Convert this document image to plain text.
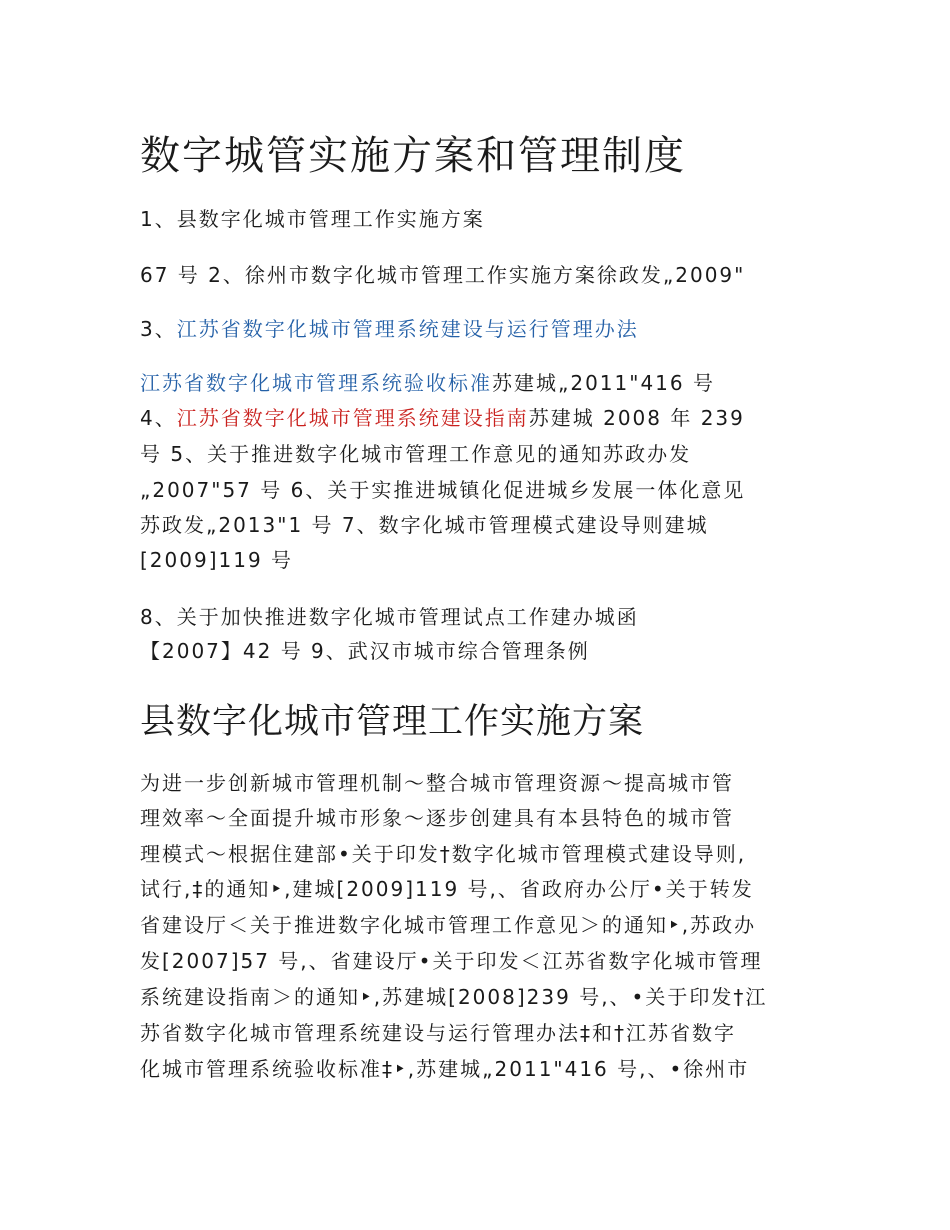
数字城管实施方案和管理制度
1、县数字化城市管理工作实施方案
67 号 2、徐州市数字化城市管理工作实施方案徐政发„2009"
3、江苏省数字化城市管理系统建设与运行管理办法
江苏省数字化城市管理系统验收标准苏建城„2011"416 号
4、江苏省数字化城市管理系统建设指南苏建城 2008 年 239
号 5、关于推进数字化城市管理工作意见的通知苏政办发
„2007"57 号 6、关于实推进城镇化促进城乡发展一体化意见
苏政发„2013"1 号 7、数字化城市管理模式建设导则建城
[2009]119 号
8、关于加快推进数字化城市管理试点工作建办城函
【2007】42 号 9、武汉市城市综合管理条例
县数字化城市管理工作实施方案
为进一步创新城市管理机制～整合城市管理资源～提高城市管
理效率～全面提升城市形象～逐步创建具有本县特色的城市管
理模式～根据住建部•关于印发†数字化城市管理模式建设导则,
试行,‡的通知‣,建城[2009]119 号,、省政府办公厅•关于转发
省建设厅＜关于推进数字化城市管理工作意见＞的通知‣,苏政办
发[2007]57 号,、省建设厅•关于印发＜江苏省数字化城市管理
系统建设指南＞的通知‣,苏建城[2008]239 号,、•关于印发†江
苏省数字化城市管理系统建设与运行管理办法‡和†江苏省数字
化城市管理系统验收标准‡‣,苏建城„2011"416 号,、•徐州市
